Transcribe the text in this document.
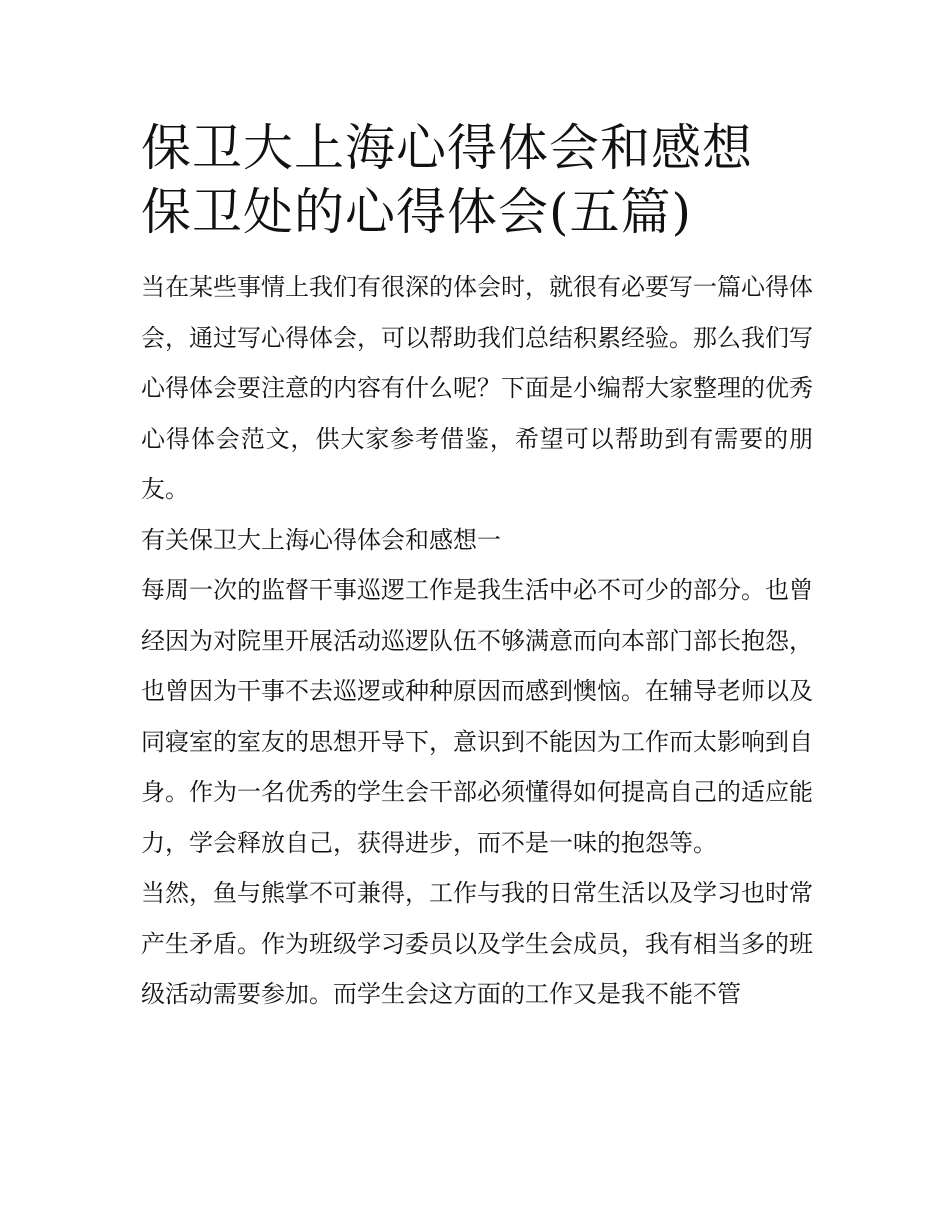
保卫大上海心得体会和感想 保卫处的心得体会(五篇)

当在某些事情上我们有很深的体会时，就很有必要写一篇心得体会，通过写心得体会，可以帮助我们总结积累经验。那么我们写心得体会要注意的内容有什么呢？下面是小编帮大家整理的优秀心得体会范文，供大家参考借鉴，希望可以帮助到有需要的朋友。

有关保卫大上海心得体会和感想一

每周一次的监督干事巡逻工作是我生活中必不可少的部分。也曾经因为对院里开展活动巡逻队伍不够满意而向本部门部长抱怨，也曾因为干事不去巡逻或种种原因而感到懊恼。在辅导老师以及同寝室的室友的思想开导下，意识到不能因为工作而太影响到自身。作为一名优秀的学生会干部必须懂得如何提高自己的适应能力，学会释放自己，获得进步，而不是一味的抱怨等。

当然，鱼与熊掌不可兼得，工作与我的日常生活以及学习也时常产生矛盾。作为班级学习委员以及学生会成员，我有相当多的班级活动需要参加。而学生会这方面的工作又是我不能不管
